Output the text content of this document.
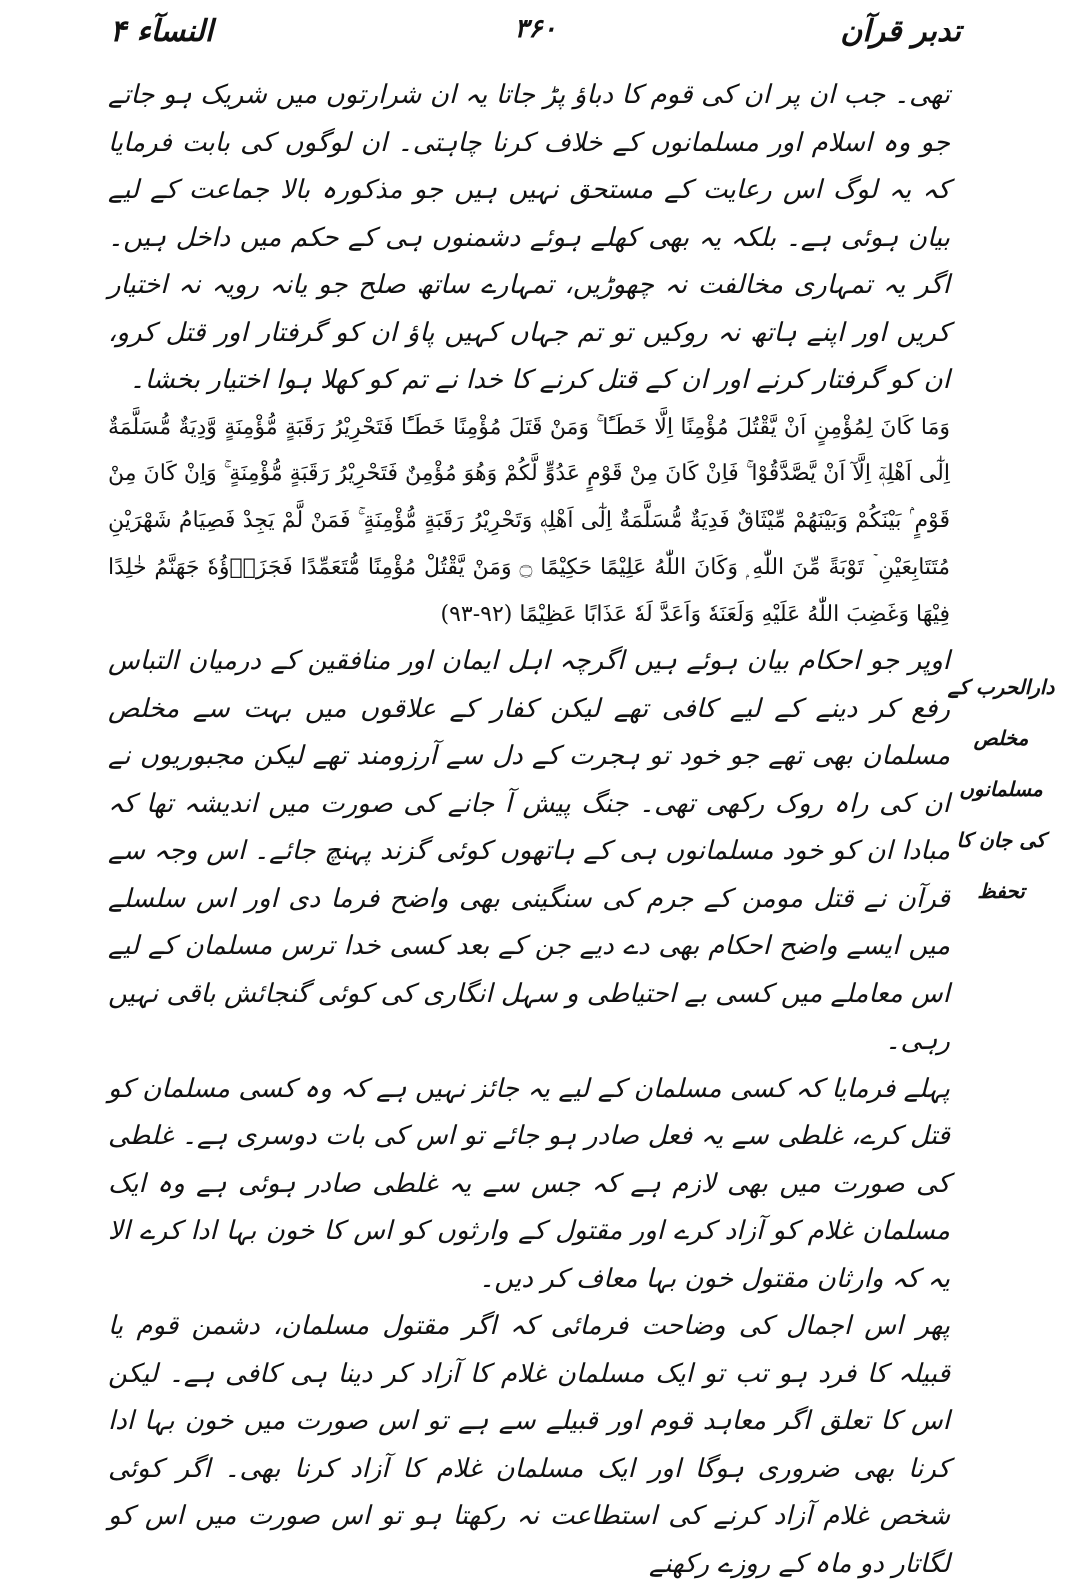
تدبر قرآن
۳۶۰
النسآء ۴

تھی۔ جب ان پر ان کی قوم کا دباؤ پڑ جاتا یہ ان شرارتوں میں شریک ہو جاتے جو وہ اسلام اور مسلمانوں کے خلاف کرنا چاہتی۔ ان لوگوں کی بابت فرمایا کہ یہ لوگ اس رعایت کے مستحق نہیں ہیں جو مذکورہ بالا جماعت کے لیے بیان ہوئی ہے۔ بلکہ یہ بھی کھلے ہوئے دشمنوں ہی کے حکم میں داخل ہیں۔ اگر یہ تمہاری مخالفت نہ چھوڑیں، تمہارے ساتھ صلح جو یانہ رویہ نہ اختیار کریں اور اپنے ہاتھ نہ روکیں تو تم جہاں کہیں پاؤ ان کو گرفتار اور قتل کرو، ان کو گرفتار کرنے اور ان کے قتل کرنے کا خدا نے تم کو کھلا ہوا اختیار بخشا۔

وَمَا كَانَ لِمُؤْمِنٍ اَنْ يَّقْتُلَ مُؤْمِنًا اِلَّا خَطَـًٔا ۚ وَمَنْ قَتَلَ مُؤْمِنًا خَطَـًٔا فَتَحْرِيْرُ رَقَبَةٍ مُّؤْمِنَةٍ وَّدِيَةٌ مُّسَلَّمَةٌ اِلٰٓى اَهْلِهٖٓ اِلَّآ اَنْ يَّصَّدَّقُوْا ۚ فَاِنْ كَانَ مِنْ قَوْمٍ عَدُوٍّ لَّكُمْ وَهُوَ مُؤْمِنٌ فَتَحْرِيْرُ رَقَبَةٍ مُّؤْمِنَةٍ ۚ وَاِنْ كَانَ مِنْ قَوْمٍ ۢ بَيْنَكُمْ وَبَيْنَهُمْ مِّيْثَاقٌ فَدِيَةٌ مُّسَلَّمَةٌ اِلٰٓى اَهْلِهٖ وَتَحْرِيْرُ رَقَبَةٍ مُّؤْمِنَةٍ ۚ فَمَنْ لَّمْ يَجِدْ فَصِيَامُ شَهْرَيْنِ مُتَتَابِعَيْنِ ۡ تَوْبَةً مِّنَ اللّٰهِ ۭ وَكَانَ اللّٰهُ عَلِيْمًا حَكِيْمًا ۝ وَمَنْ يَّقْتُلْ مُؤْمِنًا مُّتَعَمِّدًا فَجَزَاۗؤُهٗ جَهَنَّمُ خٰلِدًا فِيْهَا وَغَضِبَ اللّٰهُ عَلَيْهِ وَلَعَنَهٗ وَاَعَدَّ لَهٗ عَذَابًا عَظِيْمًا (۹۲-۹۳)

اوپر جو احکام بیان ہوئے ہیں اگرچہ اہل ایمان اور منافقین کے درمیان التباس رفع کر دینے کے لیے کافی تھے لیکن کفار کے علاقوں میں بہت سے مخلص مسلمان بھی تھے جو خود تو ہجرت کے دل سے آرزومند تھے لیکن مجبوریوں نے ان کی راہ روک رکھی تھی۔ جنگ پیش آ جانے کی صورت میں اندیشہ تھا کہ مبادا ان کو خود مسلمانوں ہی کے ہاتھوں کوئی گزند پہنچ جائے۔ اس وجہ سے قرآن نے قتل مومن کے جرم کی سنگینی بھی واضح فرما دی اور اس سلسلے میں ایسے واضح احکام بھی دے دیے جن کے بعد کسی خدا ترس مسلمان کے لیے اس معاملے میں کسی بے احتیاطی و سہل انگاری کی کوئی گنجائش باقی نہیں رہی۔

پہلے فرمایا کہ کسی مسلمان کے لیے یہ جائز نہیں ہے کہ وہ کسی مسلمان کو قتل کرے، غلطی سے یہ فعل صادر ہو جائے تو اس کی بات دوسری ہے۔ غلطی کی صورت میں بھی لازم ہے کہ جس سے یہ غلطی صادر ہوئی ہے وہ ایک مسلمان غلام کو آزاد کرے اور مقتول کے وارثوں کو اس کا خون بہا ادا کرے الا یہ کہ وارثان مقتول خون بہا معاف کر دیں۔

پھر اس اجمال کی وضاحت فرمائی کہ اگر مقتول مسلمان، دشمن قوم یا قبیلہ کا فرد ہو تب تو ایک مسلمان غلام کا آزاد کر دینا ہی کافی ہے۔ لیکن اس کا تعلق اگر معاہد قوم اور قبیلے سے ہے تو اس صورت میں خون بہا ادا کرنا بھی ضروری ہوگا اور ایک مسلمان غلام کا آزاد کرنا بھی۔ اگر کوئی شخص غلام آزاد کرنے کی استطاعت نہ رکھتا ہو تو اس صورت میں اس کو لگاتار دو ماہ کے روزے رکھنے

دارالحرب کے
مخلص مسلمانوں
کی جان کا
تحفظ
